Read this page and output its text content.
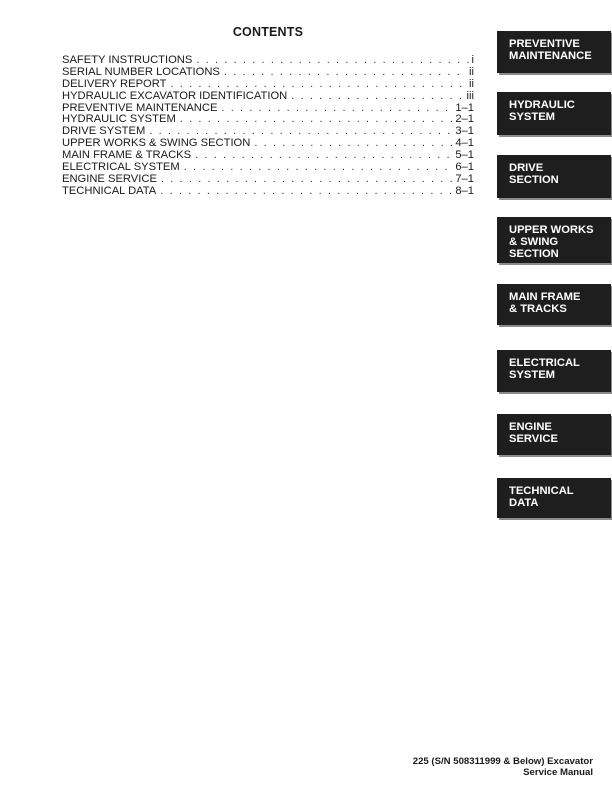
CONTENTS
SAFETY INSTRUCTIONS . . .	i
SERIAL NUMBER LOCATIONS . . .	ii
DELIVERY REPORT . . .	ii
HYDRAULIC EXCAVATOR IDENTIFICATION . . .	iii
PREVENTIVE MAINTENANCE . . .	1–1
HYDRAULIC SYSTEM . . .	2–1
DRIVE SYSTEM . . .	3–1
UPPER WORKS & SWING SECTION . . .	4–1
MAIN FRAME & TRACKS . . .	5–1
ELECTRICAL SYSTEM . . .	6–1
ENGINE SERVICE . . .	7–1
TECHNICAL DATA . . .	8–1
PREVENTIVE
MAINTENANCE
HYDRAULIC
SYSTEM
DRIVE
SECTION
UPPER WORKS
& SWING
SECTION
MAIN FRAME
& TRACKS
ELECTRICAL
SYSTEM
ENGINE
SERVICE
TECHNICAL
DATA
225 (S/N 508311999 & Below) Excavator
Service Manual
